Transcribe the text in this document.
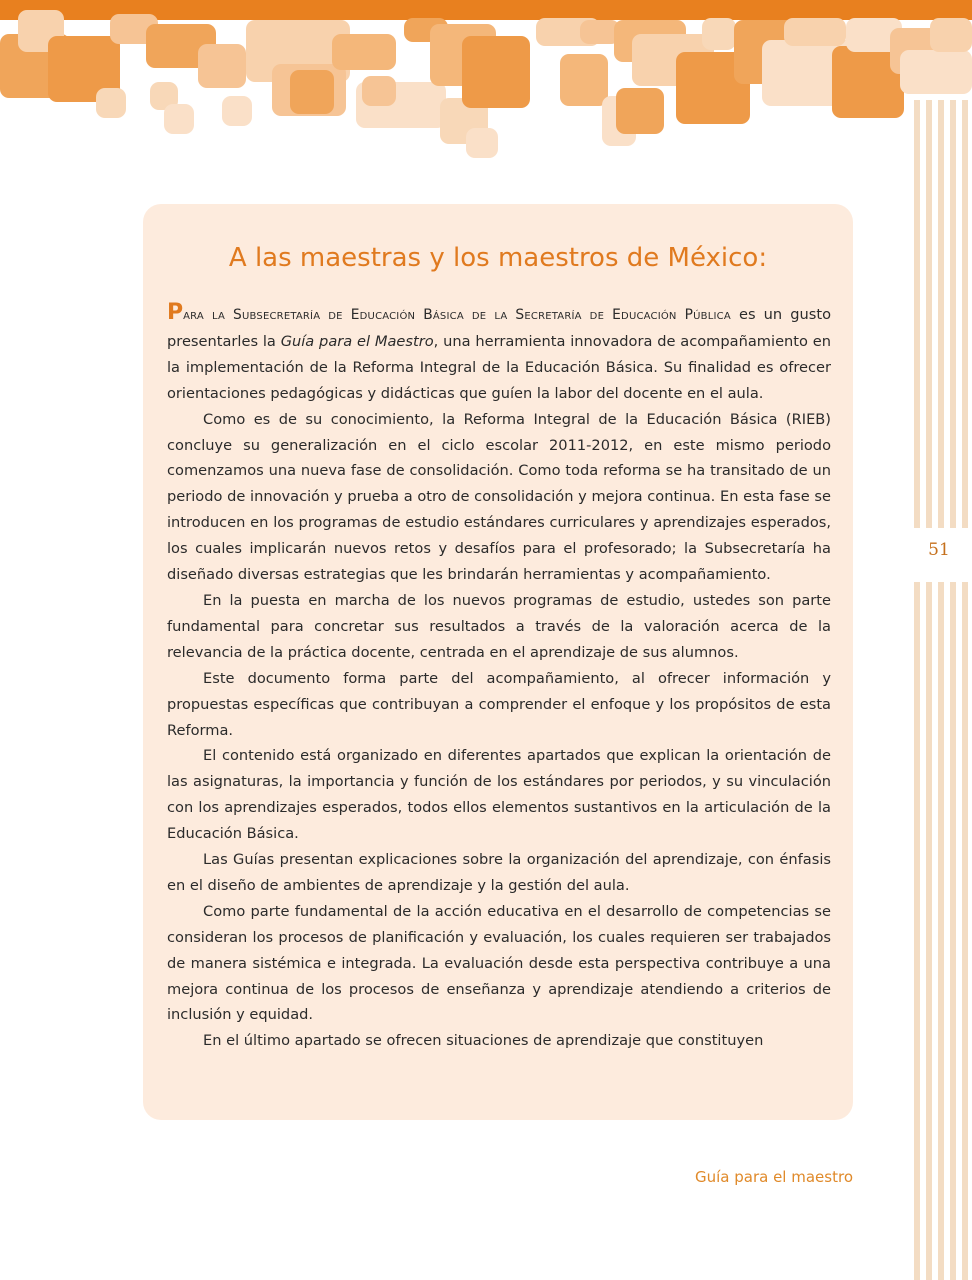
51
A las maestras y los maestros de México:

Para la Subsecretaría de Educación Básica de la Secretaría de Educación Pública es un gusto presentarles la Guía para el Maestro, una herramienta innovadora de acompañamiento en la implementación de la Reforma Integral de la Educación Básica. Su finalidad es ofrecer orientaciones pedagógicas y didácticas que guíen la labor del docente en el aula.

Como es de su conocimiento, la Reforma Integral de la Educación Básica (RIEB) concluye su generalización en el ciclo escolar 2011-2012, en este mismo periodo comenzamos una nueva fase de consolidación. Como toda reforma se ha transitado de un periodo de innovación y prueba a otro de consolidación y mejora continua. En esta fase se introducen en los programas de estudio estándares curriculares y aprendizajes esperados, los cuales implicarán nuevos retos y desafíos para el profesorado; la Subsecretaría ha diseñado diversas estrategias que les brindarán herramientas y acompañamiento.

En la puesta en marcha de los nuevos programas de estudio, ustedes son parte fundamental para concretar sus resultados a través de la valoración acerca de la relevancia de la práctica docente, centrada en el aprendizaje de sus alumnos.

Este documento forma parte del acompañamiento, al ofrecer información y propuestas específicas que contribuyan a comprender el enfoque y los propósitos de esta Reforma.

El contenido está organizado en diferentes apartados que explican la orientación de las asignaturas, la importancia y función de los estándares por periodos, y su vinculación con los aprendizajes esperados, todos ellos elementos sustantivos en la articulación de la Educación Básica.

Las Guías presentan explicaciones sobre la organización del aprendizaje, con énfasis en el diseño de ambientes de aprendizaje y la gestión del aula.

Como parte fundamental de la acción educativa en el desarrollo de competencias se consideran los procesos de planificación y evaluación, los cuales requieren ser trabajados de manera sistémica e integrada. La evaluación desde esta perspectiva contribuye a una mejora continua de los procesos de enseñanza y aprendizaje atendiendo a criterios de inclusión y equidad.

En el último apartado se ofrecen situaciones de aprendizaje que constituyen

Guía para el maestro
